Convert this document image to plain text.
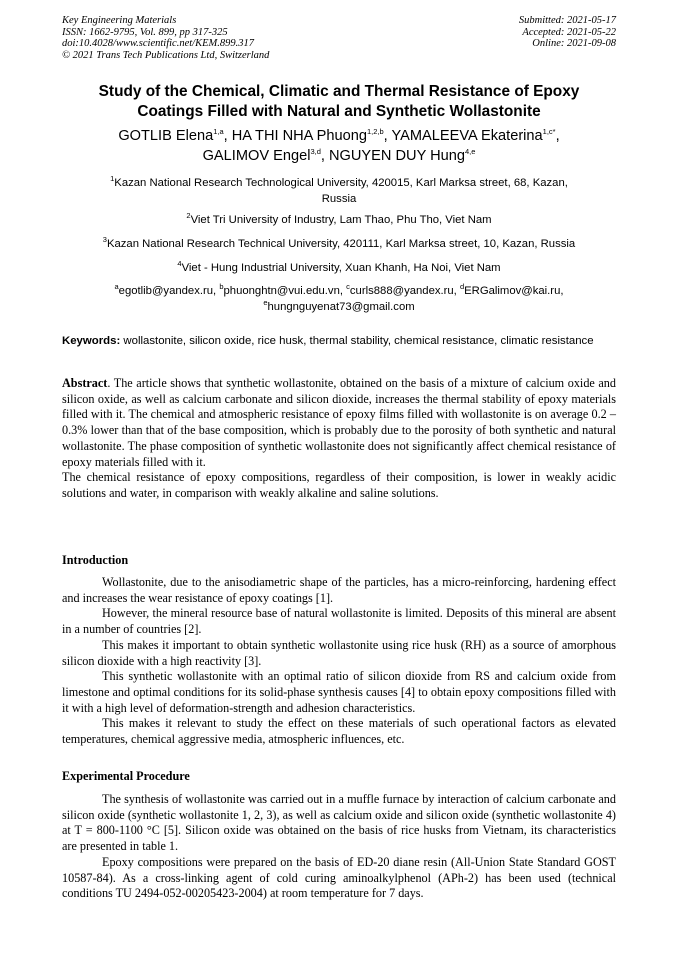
Key Engineering Materials
ISSN: 1662-9795, Vol. 899, pp 317-325
doi:10.4028/www.scientific.net/KEM.899.317
© 2021 Trans Tech Publications Ltd, Switzerland
Submitted: 2021-05-17
Accepted: 2021-05-22
Online: 2021-09-08
Study of the Chemical, Climatic and Thermal Resistance of Epoxy
Coatings Filled with Natural and Synthetic Wollastonite
GOTLIB Elena$^{1,a}$, HA THI NHA Phuong$^{1,2,b}$, YAMALEEVA Ekaterina$^{1,c*}$,
GALIMOV Engel$^{3,d}$, NGUYEN DUY Hung$^{4,e}$
$^1$Kazan National Research Technological University, 420015, Karl Marksa street, 68, Kazan,
Russia
$^2$Viet Tri University of Industry, Lam Thao, Phu Tho, Viet Nam
$^3$Kazan National Research Technical University, 420111, Karl Marksa street, 10, Kazan, Russia
$^4$Viet - Hung Industrial University, Xuan Khanh, Ha Noi, Viet Nam
$^a$egotlib@yandex.ru, $^b$phuonghtn@vui.edu.vn, $^c$curls888@yandex.ru, $^d$ERGalimov@kai.ru,
$^e$hungnguyenat73@gmail.com
Keywords: wollastonite, silicon oxide, rice husk, thermal stability, chemical resistance, climatic resistance

Abstract. The article shows that synthetic wollastonite, obtained on the basis of a mixture of calcium oxide and silicon oxide, as well as calcium carbonate and silicon dioxide, increases the thermal stability of epoxy materials filled with it. The chemical and atmospheric resistance of epoxy films filled with wollastonite is on average 0.2 – 0.3% lower than that of the base composition, which is probably due to the porosity of both synthetic and natural wollastonite. The phase composition of synthetic wollastonite does not significantly affect chemical resistance of epoxy materials filled with it.

The chemical resistance of epoxy compositions, regardless of their composition, is lower in weakly acidic solutions and water, in comparison with weakly alkaline and saline solutions.

Introduction

Wollastonite, due to the anisodiametric shape of the particles, has a micro-reinforcing, hardening effect and increases the wear resistance of epoxy coatings [1].

However, the mineral resource base of natural wollastonite is limited. Deposits of this mineral are absent in a number of countries [2].

This makes it important to obtain synthetic wollastonite using rice husk (RH) as a source of amorphous silicon dioxide with a high reactivity [3].

This synthetic wollastonite with an optimal ratio of silicon dioxide from RS and calcium oxide from limestone and optimal conditions for its solid-phase synthesis causes [4] to obtain epoxy compositions filled with it with a high level of deformation-strength and adhesion characteristics.

This makes it relevant to study the effect on these materials of such operational factors as elevated temperatures, chemical aggressive media, atmospheric influences, etc.

Experimental Procedure

The synthesis of wollastonite was carried out in a muffle furnace by interaction of calcium carbonate and silicon oxide (synthetic wollastonite 1, 2, 3), as well as calcium oxide and silicon oxide (synthetic wollastonite 4) at T = 800-1100 °C [5]. Silicon oxide was obtained on the basis of rice husks from Vietnam, its characteristics are presented in table 1.

Epoxy compositions were prepared on the basis of ED-20 diane resin (All-Union State Standard GOST 10587-84). As a cross-linking agent of cold curing aminoalkylphenol (APh-2) has been used (technical conditions TU 2494-052-00205423-2004) at room temperature for 7 days.
